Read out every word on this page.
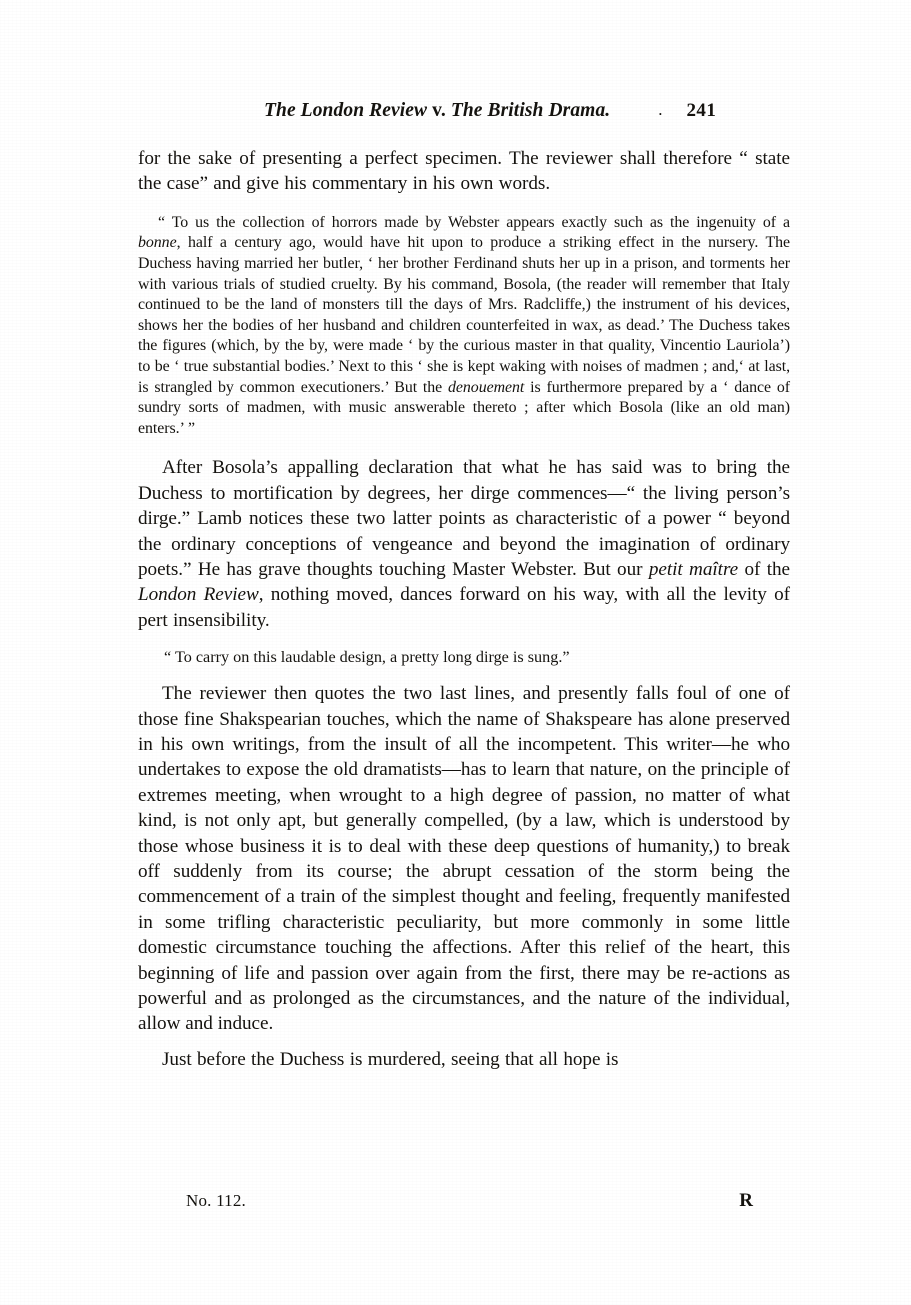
The London Review v. The British Drama.	. 241

for the sake of presenting a perfect specimen. The reviewer shall therefore “ state the case” and give his commentary in his own words.

“ To us the collection of horrors made by Webster appears exactly such as the ingenuity of a bonne, half a century ago, would have hit upon to produce a striking effect in the nursery. The Duchess having married her butler, ‘ her brother Ferdinand shuts her up in a prison, and torments her with various trials of studied cruelty. By his command, Bosola, (the reader will remember that Italy continued to be the land of monsters till the days of Mrs. Radcliffe,) the instrument of his devices, shows her the bodies of her husband and children counterfeited in wax, as dead.’ The Duchess takes the figures (which, by the by, were made ‘ by the curious master in that quality, Vincentio Lauriola’) to be ‘ true substantial bodies.’ Next to this ‘ she is kept waking with noises of madmen ; and,‘ at last, is strangled by common executioners.’ But the denouement is furthermore prepared by a ‘ dance of sundry sorts of madmen, with music answerable thereto ; after which Bosola (like an old man) enters.’ ”

After Bosola’s appalling declaration that what he has said was to bring the Duchess to mortification by degrees, her dirge commences—“ the living person’s dirge.” Lamb notices these two latter points as characteristic of a power “ beyond the ordinary conceptions of vengeance and beyond the imagination of ordinary poets.” He has grave thoughts touching Master Webster. But our petit maître of the London Review, nothing moved, dances forward on his way, with all the levity of pert insensibility.

“ To carry on this laudable design, a pretty long dirge is sung.”

The reviewer then quotes the two last lines, and presently falls foul of one of those fine Shakspearian touches, which the name of Shakspeare has alone preserved in his own writings, from the insult of all the incompetent. This writer—he who undertakes to expose the old dramatists—has to learn that nature, on the principle of extremes meeting, when wrought to a high degree of passion, no matter of what kind, is not only apt, but generally compelled, (by a law, which is understood by those whose business it is to deal with these deep questions of humanity,) to break off suddenly from its course; the abrupt cessation of the storm being the commencement of a train of the simplest thought and feeling, frequently manifested in some trifling characteristic peculiarity, but more commonly in some little domestic circumstance touching the affections. After this relief of the heart, this beginning of life and passion over again from the first, there may be re-actions as powerful and as prolonged as the circumstances, and the nature of the individual, allow and induce.

Just before the Duchess is murdered, seeing that all hope is

No. 112.	R
